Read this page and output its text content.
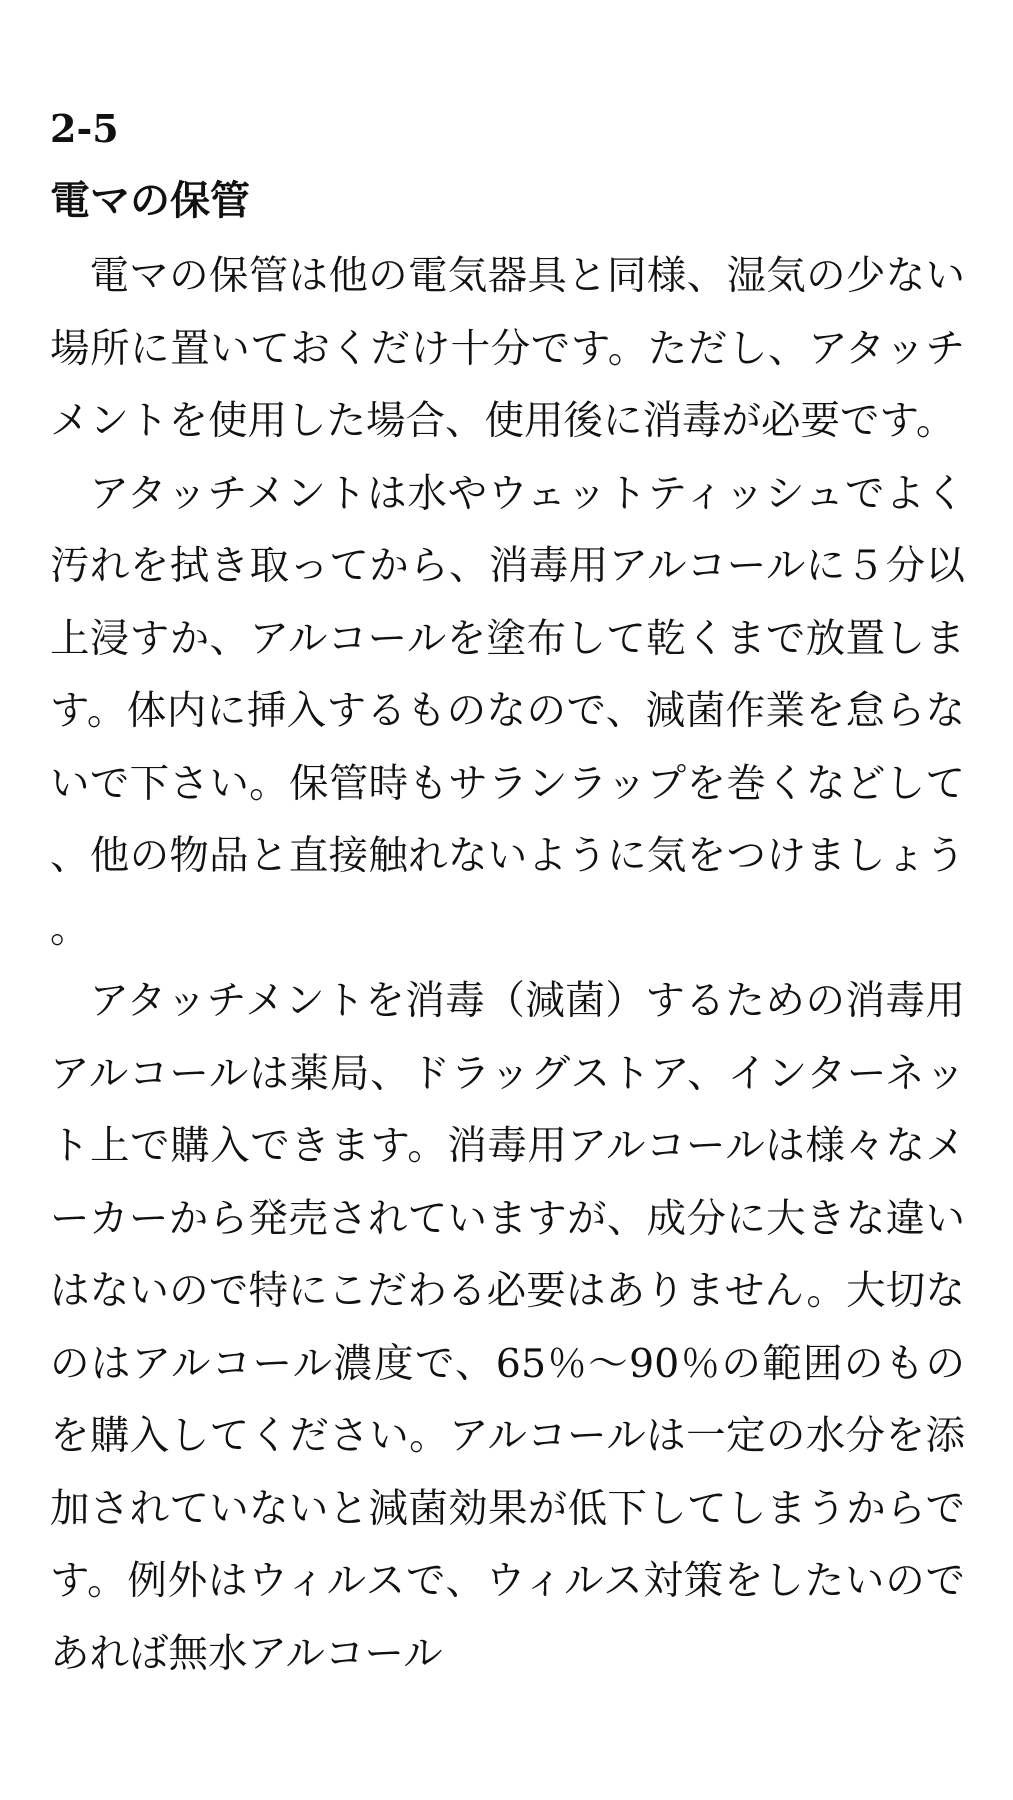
2-5
電マの保管

電マの保管は他の電気器具と同様、湿気の少ない場所に置いておくだけ十分です。ただし、アタッチメントを使用した場合、使用後に消毒が必要です。

アタッチメントは水やウェットティッシュでよく汚れを拭き取ってから、消毒用アルコールに５分以上浸すか、アルコールを塗布して乾くまで放置します。体内に挿入するものなので、減菌作業を怠らないで下さい。保管時もサランラップを巻くなどして、他の物品と直接触れないように気をつけましょう。

アタッチメントを消毒（減菌）するための消毒用アルコールは薬局、ドラッグストア、インターネット上で購入できます。消毒用アルコールは様々なメーカーから発売されていますが、成分に大きな違いはないので特にこだわる必要はありません。大切なのはアルコール濃度で、65％～90％の範囲のものを購入してください。アルコールは一定の水分を添加されていないと減菌効果が低下してしまうからです。例外はウィルスで、ウィルス対策をしたいのであれば無水アルコール
